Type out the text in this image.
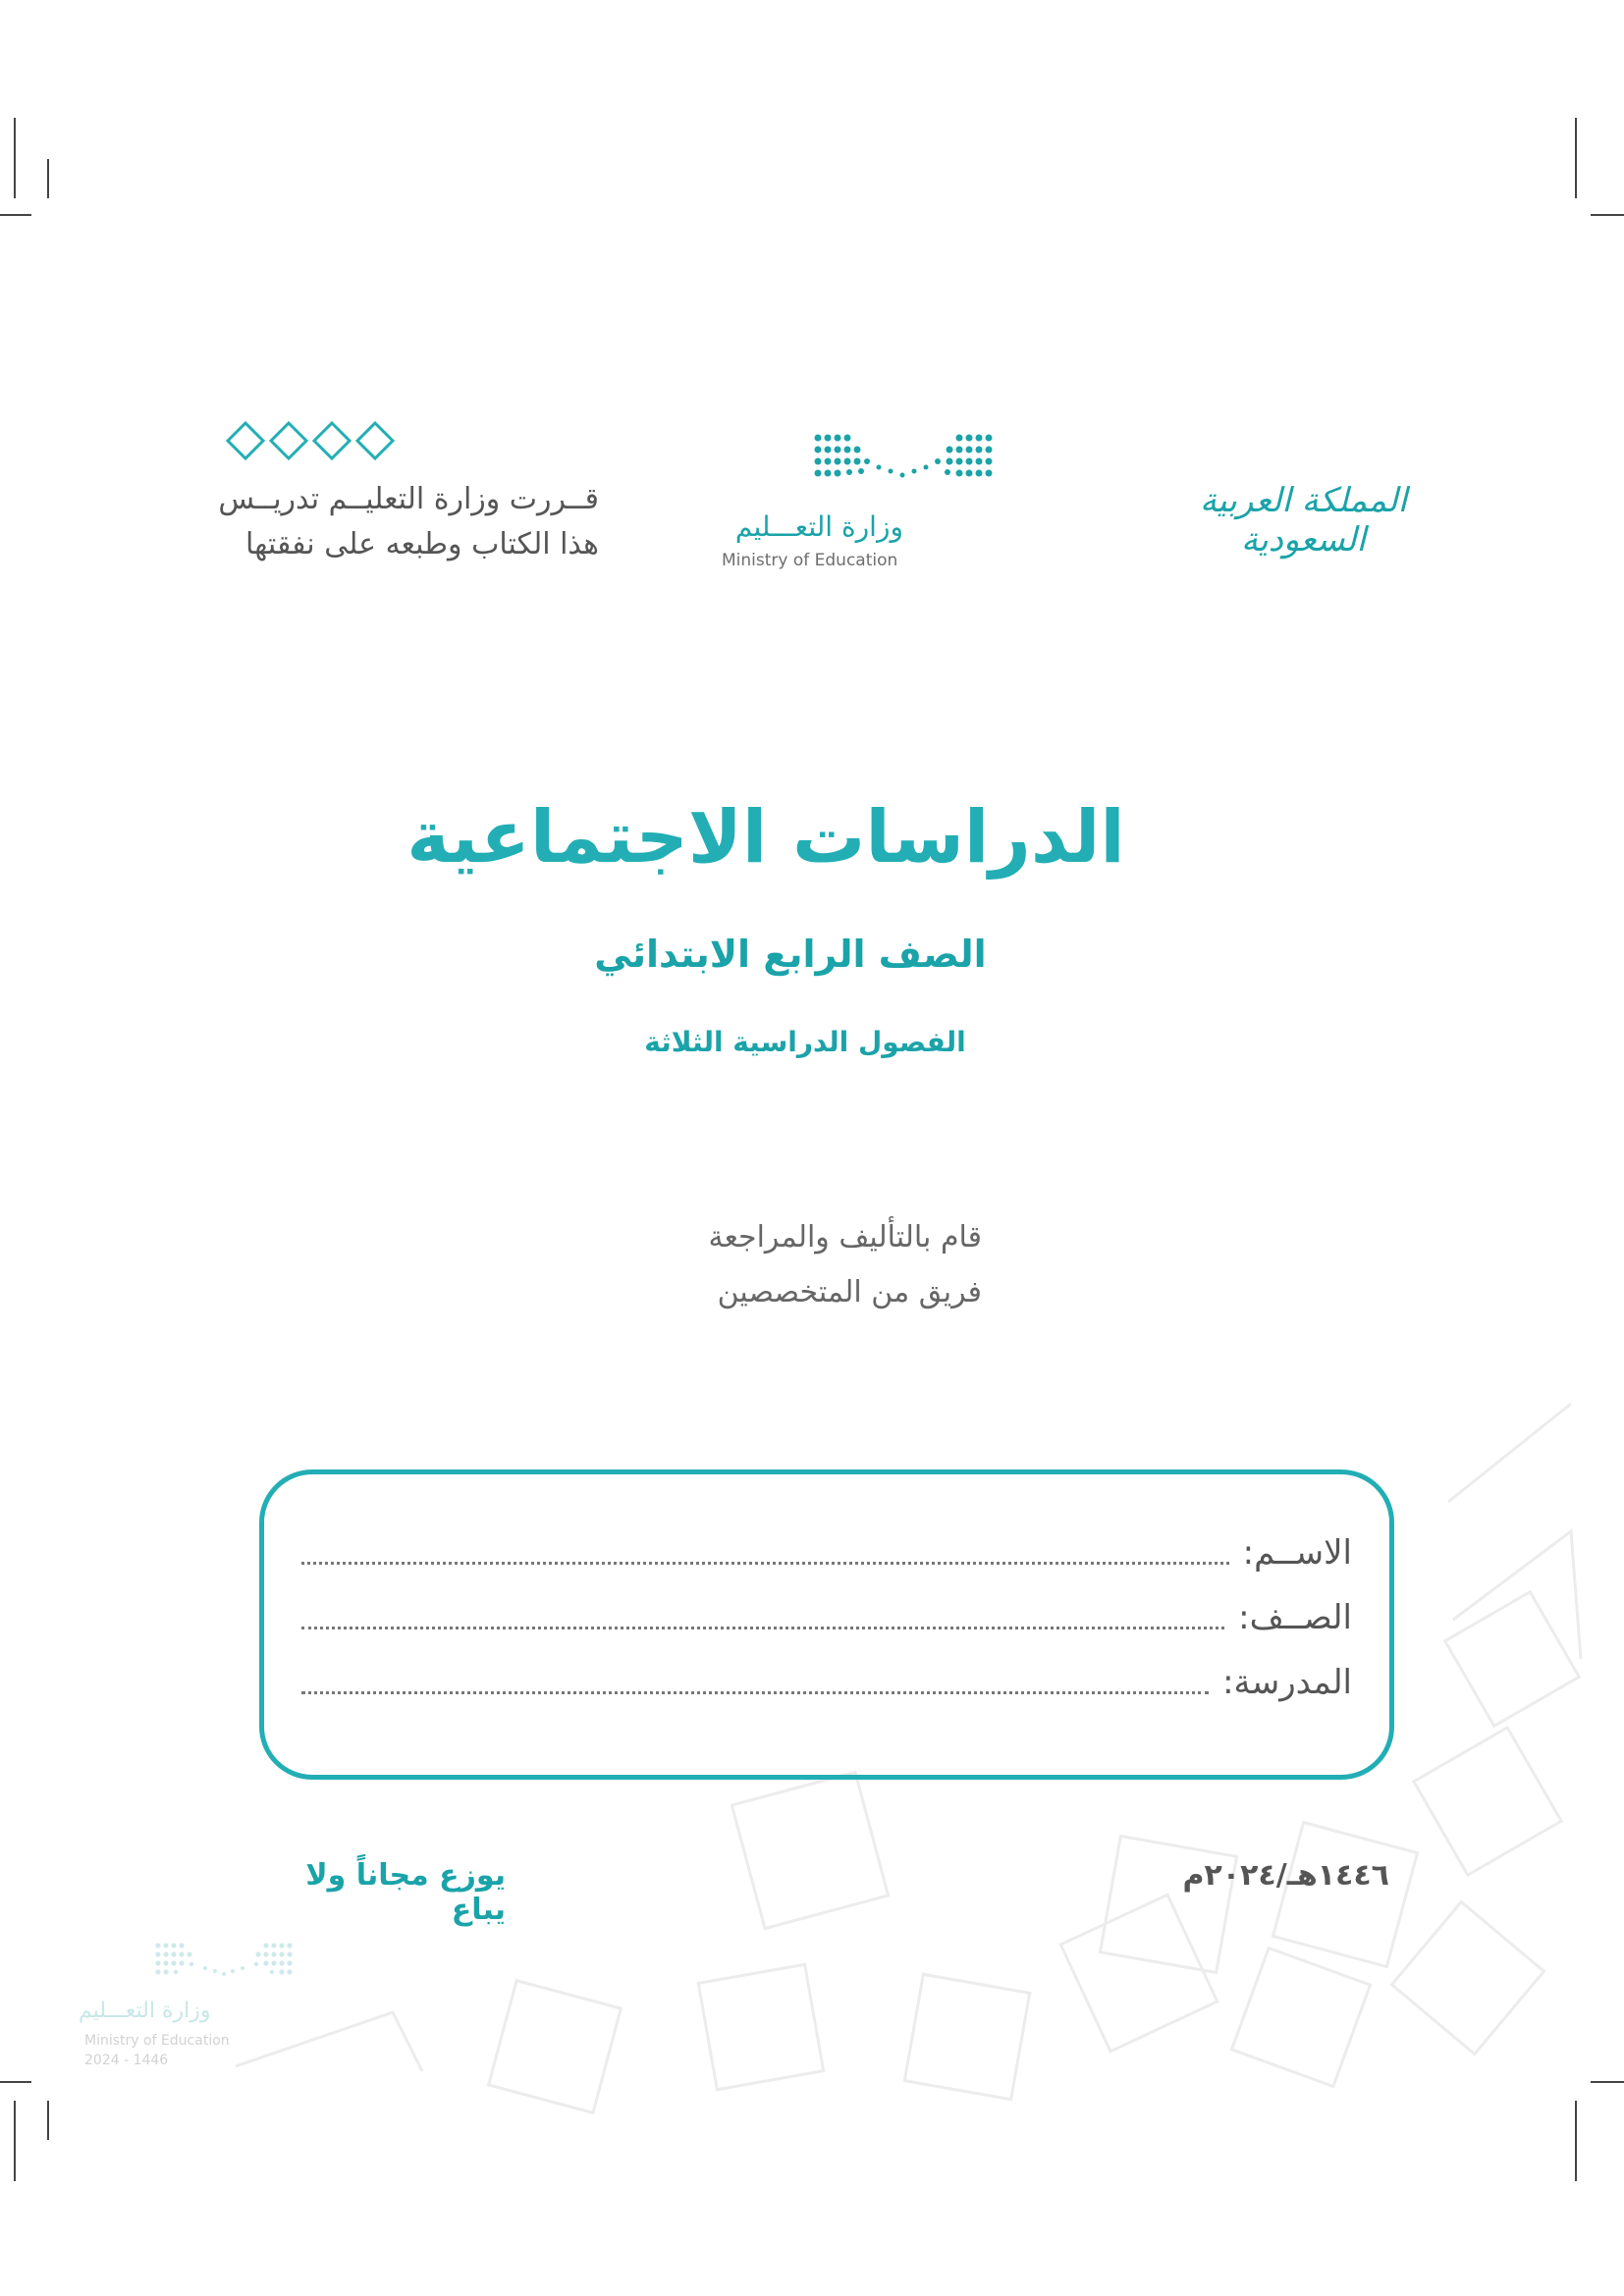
قــررت وزارة التعليــم تدريــس
هذا الكتاب وطبعه على نفقتها
وزارة التعـــليم
Ministry of Education
المملكة العربية السعودية
الدراسات الاجتماعية
الصف الرابع الابتدائي
الفصول الدراسية الثلاثة
قام بالتأليف والمراجعة
فريق من المتخصصين
الاســم:
الصــف:
المدرسة:
يوزع مجاناً ولا يباع
١٤٤٦هـ/٢٠٢٤م
وزارة التعـــليم
Ministry of Education
2024 - 1446
